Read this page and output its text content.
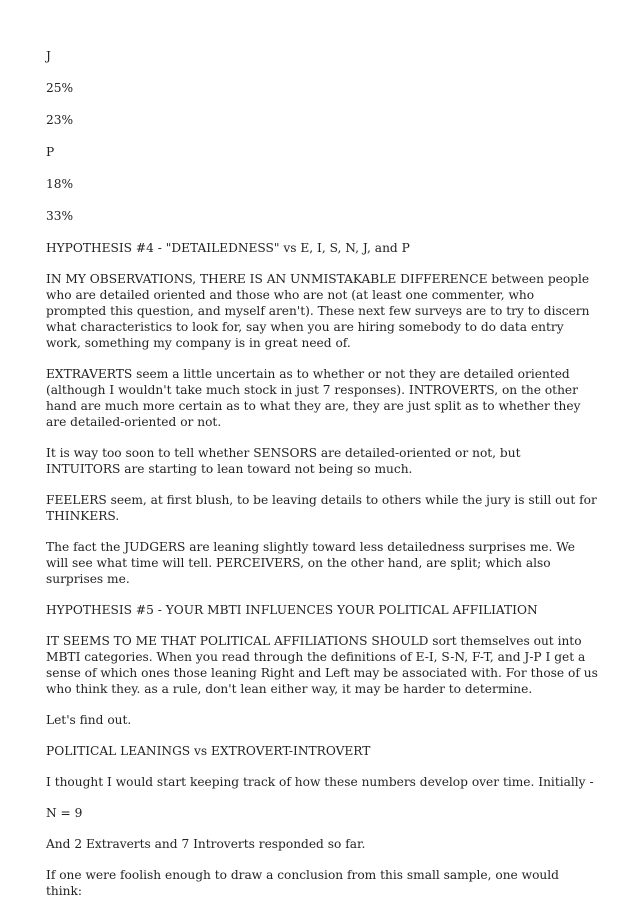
J

25%

23%

P

18%

33%

HYPOTHESIS #4 - "DETAILEDNESS" vs E, I, S, N, J, and P

IN MY OBSERVATIONS, THERE IS AN UNMISTAKABLE DIFFERENCE between people who are detailed oriented and those who are not (at least one commenter, who prompted this question, and myself aren't). These next few surveys are to try to discern what characteristics to look for, say when you are hiring somebody to do data entry work, something my company is in great need of.

EXTRAVERTS seem a little uncertain as to whether or not they are detailed oriented (although I wouldn't take much stock in just 7 responses). INTROVERTS, on the other hand are much more certain as to what they are, they are just split as to whether they are detailed-oriented or not.

It is way too soon to tell whether SENSORS are detailed-oriented or not, but INTUITORS are starting to lean toward not being so much.

FEELERS seem, at first blush, to be leaving details to others while the jury is still out for THINKERS.

The fact the JUDGERS are leaning slightly toward less detailedness surprises me. We will see what time will tell. PERCEIVERS, on the other hand, are split; which also surprises me.

HYPOTHESIS #5 - YOUR MBTI INFLUENCES YOUR POLITICAL AFFILIATION

IT SEEMS TO ME THAT POLITICAL AFFILIATIONS SHOULD sort themselves out into MBTI categories. When you read through the definitions of E-I, S-N, F-T, and J-P I get a sense of which ones those leaning Right and Left may be associated with. For those of us who think they. as a rule, don't lean either way, it may be harder to determine.

Let's find out.

POLITICAL LEANINGS vs EXTROVERT-INTROVERT

I thought I would start keeping track of how these numbers develop over time. Initially -

N = 9

And 2 Extraverts and 7 Introverts responded so far.

If one were foolish enough to draw a conclusion from this small sample, one would think:
